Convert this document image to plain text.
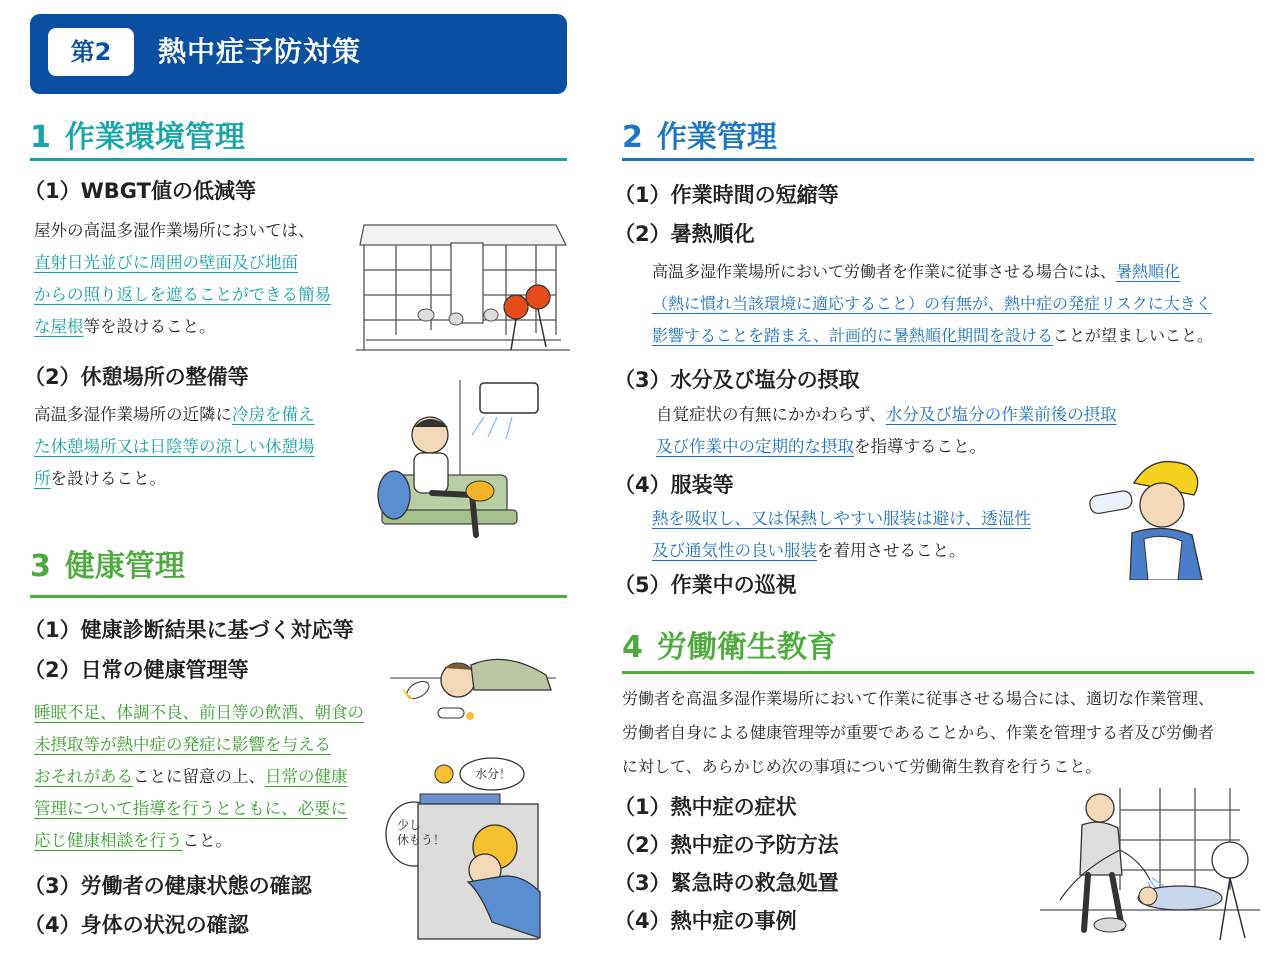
第2	熱中症予防対策
1 作業環境管理
（1）WBGT値の低減等
屋外の高温多湿作業場所においては、
直射日光並びに周囲の壁面及び地面
からの照り返しを遮ることができる簡易
な屋根等を設けること。
（2）休憩場所の整備等
高温多湿作業場所の近隣に冷房を備え
た休憩場所又は日陰等の涼しい休憩場
所を設けること。
3 健康管理
（1）健康診断結果に基づく対応等
（2）日常の健康管理等
睡眠不足、体調不良、前日等の飲酒、朝食の
未摂取等が熱中症の発症に影響を与える
おそれがあることに留意の上、日常の健康
管理について指導を行うとともに、必要に
応じ健康相談を行うこと。
水分！
少し
休もう！
（3）労働者の健康状態の確認
（4）身体の状況の確認
2 作業管理
（1）作業時間の短縮等
（2）暑熱順化
高温多湿作業場所において労働者を作業に従事させる場合には、暑熱順化
（熱に慣れ当該環境に適応すること）の有無が、熱中症の発症リスクに大きく
影響することを踏まえ、計画的に暑熱順化期間を設けることが望ましいこと。
（3）水分及び塩分の摂取
自覚症状の有無にかかわらず、水分及び塩分の作業前後の摂取
及び作業中の定期的な摂取を指導すること。
（4）服装等
熱を吸収し、又は保熱しやすい服装は避け、透湿性
及び通気性の良い服装を着用させること。
（5）作業中の巡視
4 労働衛生教育
労働者を高温多湿作業場所において作業に従事させる場合には、適切な作業管理、
労働者自身による健康管理等が重要であることから、作業を管理する者及び労働者
に対して、あらかじめ次の事項について労働衛生教育を行うこと。
（1）熱中症の症状
（2）熱中症の予防方法
（3）緊急時の救急処置
（4）熱中症の事例
